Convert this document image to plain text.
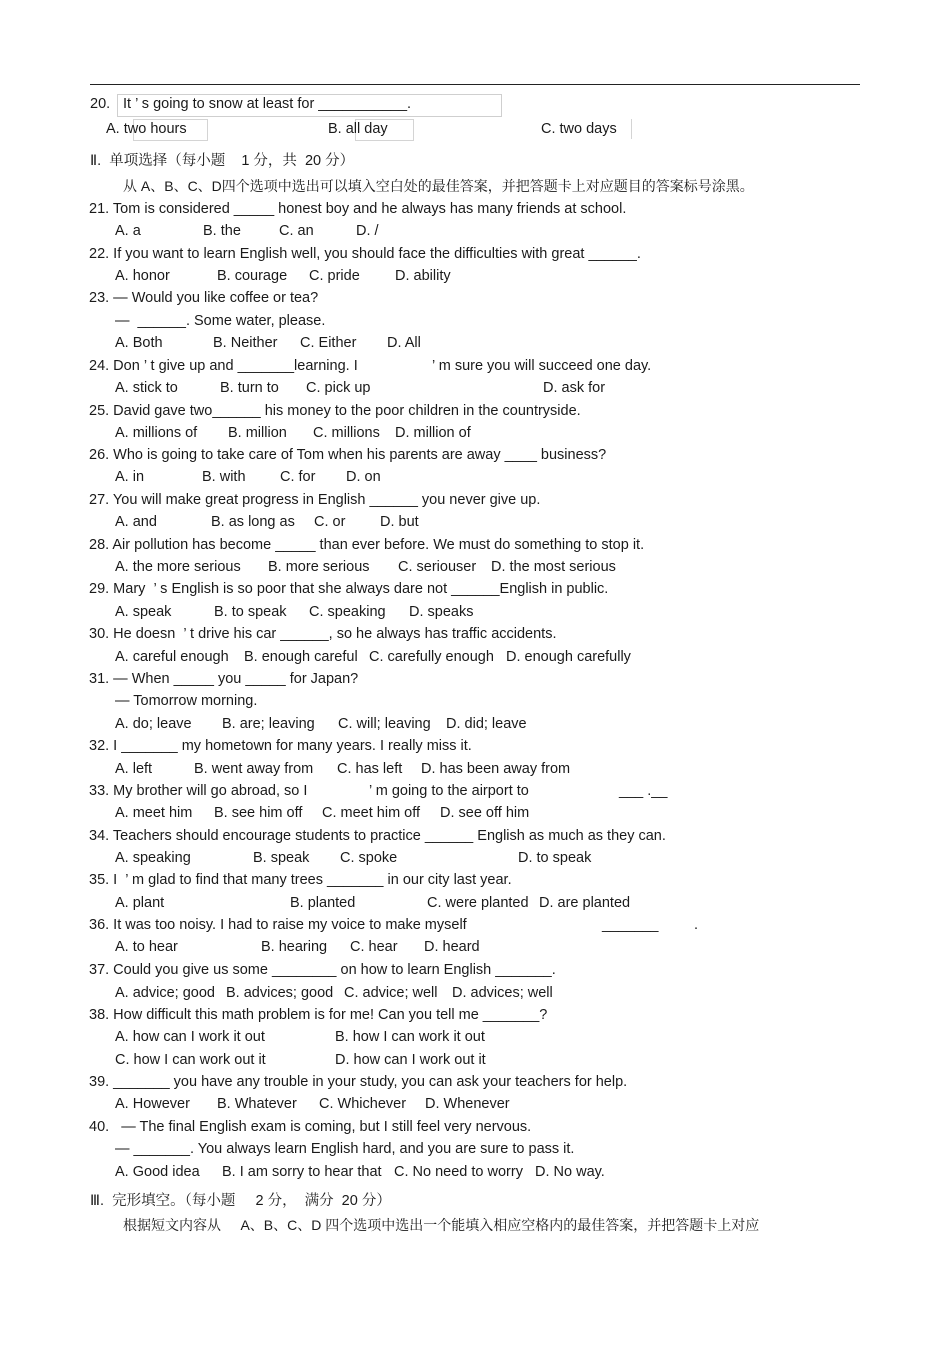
20. It ’ s going to snow at least for ___________.
A. two hours	B. all day	C. two days
Ⅱ.  单项选择（每小题    1 分，共  20 分）
从 A、B、C、D四个选项中选出可以填入空白处的最佳答案，并把答题卡上对应题目的答案标号涂黑。
21. Tom is considered _____ honest boy and he always has many friends at school.
A. a	B. the	C. an	D. /
22. If you want to learn English well, you should face the difficulties with great ______.
A. honor	B. courage C. pride D. ability
23. — Would you like coffee or tea?
—  ______. Some water, please.
A. Both	B. Neither C. Either D. All
24. Don ’ t give up and _______learning. I	’ m sure you will succeed one day.
A. stick to	B. turn to C. pick up	D. ask for
25. David gave two______ his money to the poor children in the countryside.
A. millions of B. million C. millions D. million of
26. Who is going to take care of Tom when his parents are away ____ business?
A. in	B. with C. for D. on
27. You will make great progress in English ______ you never give up.
A. and	B. as long as C. or D. but
28. Air pollution has become _____ than ever before. We must do something to stop it.
A. the more serious B. more serious C. seriouser D. the most serious
29. Mary  ’ s English is so poor that she always dare not ______English in public.
A. speak	B. to speak C. speaking D. speaks
30. He doesn  ’ t drive his car ______, so he always has traffic accidents.
A. careful enough B. enough careful C. carefully enough D. enough carefully
31. — When _____ you _____ for Japan?
— Tomorrow morning.
A. do; leave B. are; leaving C. will; leaving D. did; leave
32. I _______ my hometown for many years. I really miss it.
A. left	B. went away from C. has left D. has been away from
33. My brother will go abroad, so I	’ m going to the airport to	___ .__
A. meet him B. see him off C. meet him off D. see off him
34. Teachers should encourage students to practice ______ English as much as they can.
A. speaking	B. speak C. spoke	D. to speak
35. I  ’ m glad to find that many trees _______ in our city last year.
A. plant	B. planted	C. were planted D. are planted
36. It was too noisy. I had to raise my voice to make myself	_______ .
A. to hear	B. hearing C. hear D. heard
37. Could you give us some ________ on how to learn English _______.
A. advice; good B. advices; good C. advice; well D. advices; well
38. How difficult this math problem is for me! Can you tell me _______?
A. how can I work it out	B. how I can work it out
C. how I can work out it	D. how can I work out it
39. _______ you have any trouble in your study, you can ask your teachers for help.
A. However B. Whatever C. Whichever D. Whenever
40.   — The final English exam is coming, but I still feel very nervous.
— _______. You always learn English hard, and you are sure to pass it.
A. Good idea B. I am sorry to hear that C. No need to worry D. No way.
Ⅲ.  完形填空。（每小题     2 分，  满分  20 分）
根据短文内容从     A、B、C、D 四个选项中选出一个能填入相应空格内的最佳答案，并把答题卡上对应
